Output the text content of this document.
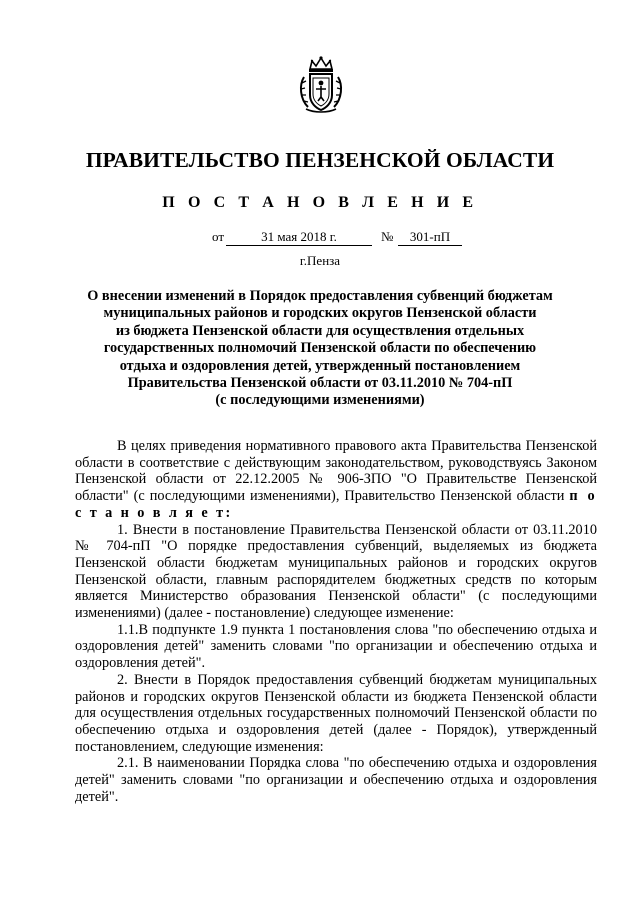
ПРАВИТЕЛЬСТВО ПЕНЗЕНСКОЙ ОБЛАСТИ
П О С Т А Н О В Л Е Н И Е
от	31 мая 2018 г.	№	301-пП
г.Пенза
О внесении изменений в Порядок предоставления субвенций бюджетам
муниципальных районов и городских округов Пензенской области
из бюджета Пензенской области для осуществления отдельных
государственных полномочий Пензенской области по обеспечению
отдыха и оздоровления детей, утвержденный постановлением
Правительства Пензенской области от 03.11.2010 № 704-пП
(с последующими изменениями)

В целях приведения нормативного правового акта Правительства Пензенской области в соответствие с действующим законодательством, руководствуясь Законом Пензенской области от 22.12.2005 № 906-ЗПО "О Правительстве Пензенской области" (с последующими изменениями), Правительство Пензенской области п о с т а н о в л я е т:

1. Внести в постановление Правительства Пензенской области от 03.11.2010 № 704-пП "О порядке предоставления субвенций, выделяемых из бюджета Пензенской области бюджетам муниципальных районов и городских округов Пензенской области, главным распорядителем бюджетных средств по которым является Министерство образования Пензенской области" (с последующими изменениями) (далее - постановление) следующее изменение:

1.1.В подпункте 1.9 пункта 1 постановления слова "по обеспечению отдыха и оздоровления детей" заменить словами "по организации и обеспечению отдыха и оздоровления детей".

2. Внести в Порядок предоставления субвенций бюджетам муниципальных районов и городских округов Пензенской области из бюджета Пензенской области для осуществления отдельных государственных полномочий Пензенской области по обеспечению отдыха и оздоровления детей (далее - Порядок), утвержденный постановлением, следующие изменения:

2.1. В наименовании Порядка слова "по обеспечению отдыха и оздоровления детей" заменить словами "по организации и обеспечению отдыха и оздоровления детей".
